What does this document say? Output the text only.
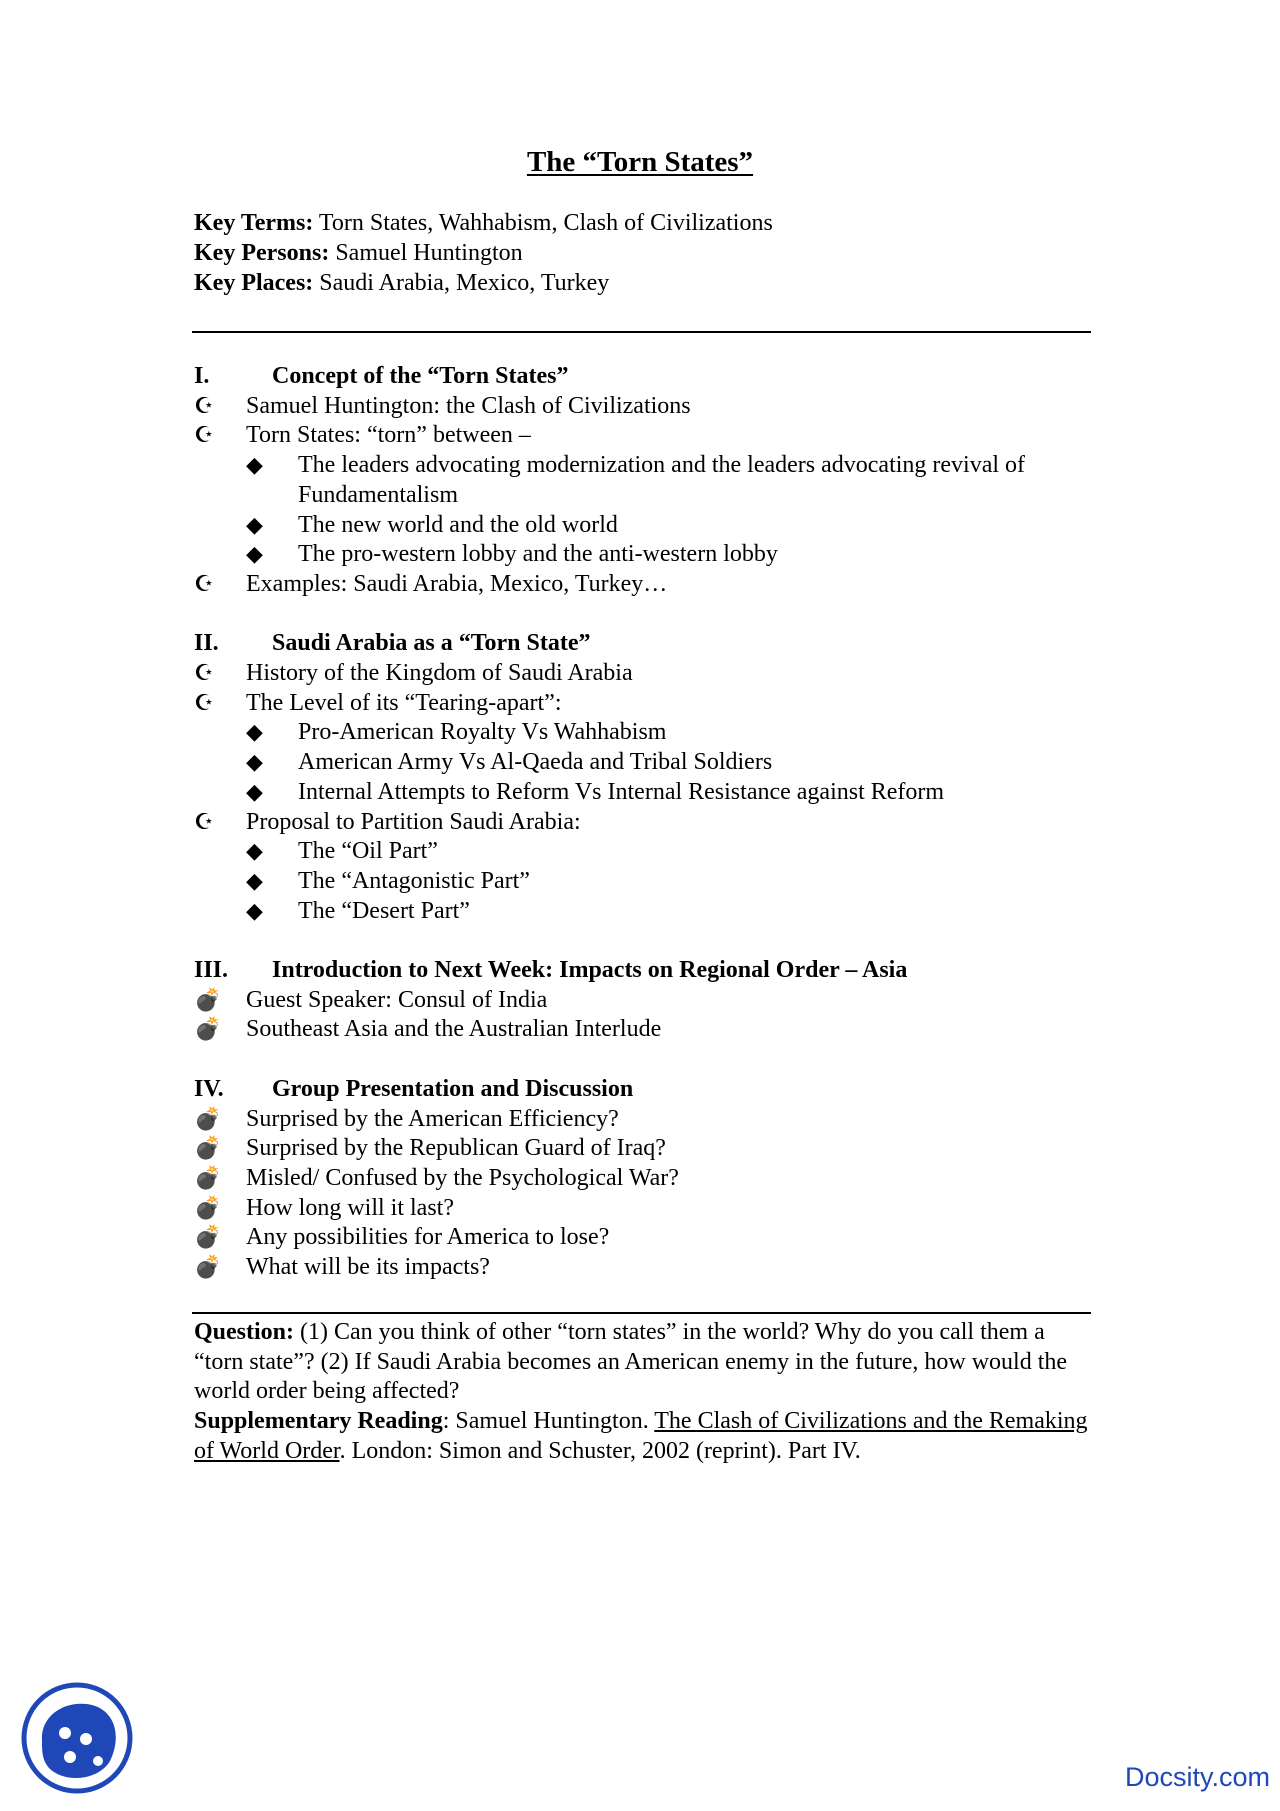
The “Torn States”
Key Terms: Torn States, Wahhabism, Clash of Civilizations
Key Persons: Samuel Huntington
Key Places: Saudi Arabia, Mexico, Turkey
I.	Concept of the “Torn States”
☪	Samuel Huntington: the Clash of Civilizations
☪	Torn States: “torn” between –
◆	The leaders advocating modernization and the leaders advocating revival of Fundamentalism
◆	The new world and the old world
◆	The pro-western lobby and the anti-western lobby
☪	Examples: Saudi Arabia, Mexico, Turkey…
II.	Saudi Arabia as a “Torn State”
☪	History of the Kingdom of Saudi Arabia
☪	The Level of its “Tearing-apart”:
◆	Pro-American Royalty Vs Wahhabism
◆	American Army Vs Al-Qaeda and Tribal Soldiers
◆	Internal Attempts to Reform Vs Internal Resistance against Reform
☪	Proposal to Partition Saudi Arabia:
◆	The “Oil Part”
◆	The “Antagonistic Part”
◆	The “Desert Part”
III.	Introduction to Next Week: Impacts on Regional Order – Asia
💣	Guest Speaker: Consul of India
💣	Southeast Asia and the Australian Interlude
IV.	Group Presentation and Discussion
💣	Surprised by the American Efficiency?
💣	Surprised by the Republican Guard of Iraq?
💣	Misled/ Confused by the Psychological War?
💣	How long will it last?
💣	Any possibilities for America to lose?
💣	What will be its impacts?
Question: (1) Can you think of other “torn states” in the world? Why do you call them a “torn state”? (2) If Saudi Arabia becomes an American enemy in the future, how would the world order being affected?
Supplementary Reading: Samuel Huntington. The Clash of Civilizations and the Remaking of World Order. London: Simon and Schuster, 2002 (reprint). Part IV.
Docsity.com
